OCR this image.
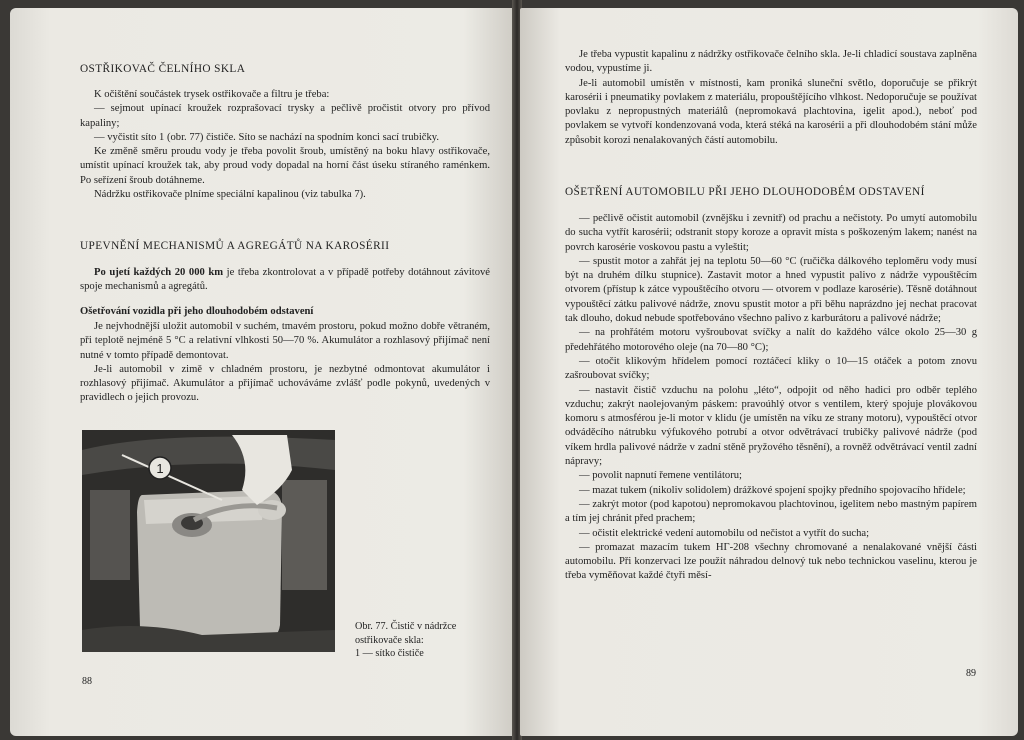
OSTŘIKOVAČ ČELNÍHO SKLA

K očištění součástek trysek ostřikovače a filtru je třeba:

— sejmout upínací kroužek rozprašovací trysky a pečlivě pročistit otvory pro přívod kapaliny;

— vyčistit síto 1 (obr. 77) čističe. Síto se nachází na spodním konci sací trubičky.

Ke změně směru proudu vody je třeba povolit šroub, umístěný na boku hlavy ostřikovače, umístit upínací kroužek tak, aby proud vody dopadal na horní část úseku stíraného raménkem. Po seřízení šroub dotáhneme.

Nádržku ostřikovače plníme speciální kapalinou (viz tabulka 7).

UPEVNĚNÍ MECHANISMŮ A AGREGÁTŮ NA KAROSÉRII

Po ujetí každých 20 000 km je třeba zkontrolovat a v případě potřeby dotáhnout závitové spoje mechanismů a agregátů.

Ošetřování vozidla při jeho dlouhodobém odstavení

Je nejvhodnější uložit automobil v suchém, tmavém prostoru, pokud možno dobře větraném, při teplotě nejméně 5 °C a relativní vlhkosti 50—70 %. Akumulátor a rozhlasový přijímač není nutné v tomto případě demontovat.

Je-li automobil v zimě v chladném prostoru, je nezbytné odmontovat akumulátor i rozhlasový přijímač. Akumulátor a přijímač uchováváme zvlášť podle pokynů, uvedených v pravidlech o jejich provozu.

1
Obr. 77. Čistič v nádržce
ostřikovače skla:
1 — sítko čističe
88

Je třeba vypustit kapalinu z nádržky ostřikovače čelního skla. Je-li chladicí soustava zaplněna vodou, vypustíme ji.

Je-li automobil umístěn v místnosti, kam proniká sluneční světlo, doporučuje se přikrýt karosérii i pneumatiky povlakem z materiálu, propouštějícího vlhkost. Nedoporučuje se používat povlaku z nepropustných materiálů (nepromokavá plachtovina, igelit apod.), neboť pod povlakem se vytvoří kondenzovaná voda, která stéká na karosérii a při dlouhodobém stání může způsobit korozi nenalakovaných částí automobilu.

OŠETŘENÍ AUTOMOBILU PŘI JEHO DLOUHODOBÉM ODSTAVENÍ

— pečlivě očistit automobil (zvnějšku i zevnitř) od prachu a nečistoty. Po umytí automobilu do sucha vytřít karosérii; odstranit stopy koroze a opravit místa s poškozeným lakem; nanést na povrch karosérie voskovou pastu a vyleštit;

— spustit motor a zahřát jej na teplotu 50—60 °C (ručička dálkového teploměru vody musí být na druhém dílku stupnice). Zastavit motor a hned vypustit palivo z nádrže vypouštěcím otvorem (přístup k zátce vypouštěcího otvoru — otvorem v podlaze karosérie). Těsně dotáhnout vypouštěcí zátku palivové nádrže, znovu spustit motor a při běhu naprázdno jej nechat pracovat tak dlouho, dokud nebude spotřebováno všechno palivo z karburátoru a palivové nádrže;

— na prohřátém motoru vyšroubovat svíčky a nalít do každého válce okolo 25—30 g předehřátého motorového oleje (na 70—80 °C);

— otočit klikovým hřídelem pomocí roztáčecí kliky o 10—15 otáček a potom znovu zašroubovat svíčky;

— nastavit čistič vzduchu na polohu „léto“, odpojit od něho hadici pro odběr teplého vzduchu; zakrýt naolejovaným páskem: pravoúhlý otvor s ventilem, který spojuje plovákovou komoru s atmosférou je-li motor v klidu (je umístěn na víku ze strany motoru), vypouštěcí otvor odváděcího nátrubku výfukového potrubí a otvor odvětrávací trubičky palivové nádrže (pod víkem hrdla palivové nádrže v zadní stěně pryžového těsnění), a rovněž odvětrávací ventil zadní nápravy;

— povolit napnutí řemene ventilátoru;

— mazat tukem (nikoliv solidolem) drážkové spojení spojky předního spojovacího hřídele;

— zakrýt motor (pod kapotou) nepromokavou plachtovinou, igelitem nebo mastným papírem a tím jej chránit před prachem;

— očistit elektrické vedení automobilu od nečistot a vytřít do sucha;

— promazat mazacím tukem НГ-208 všechny chromované a nenalakované vnější části automobilu. Při konzervaci lze použít náhradou delnový tuk nebo technickou vaselinu, kterou je třeba vyměňovat každé čtyři měsí-

89
